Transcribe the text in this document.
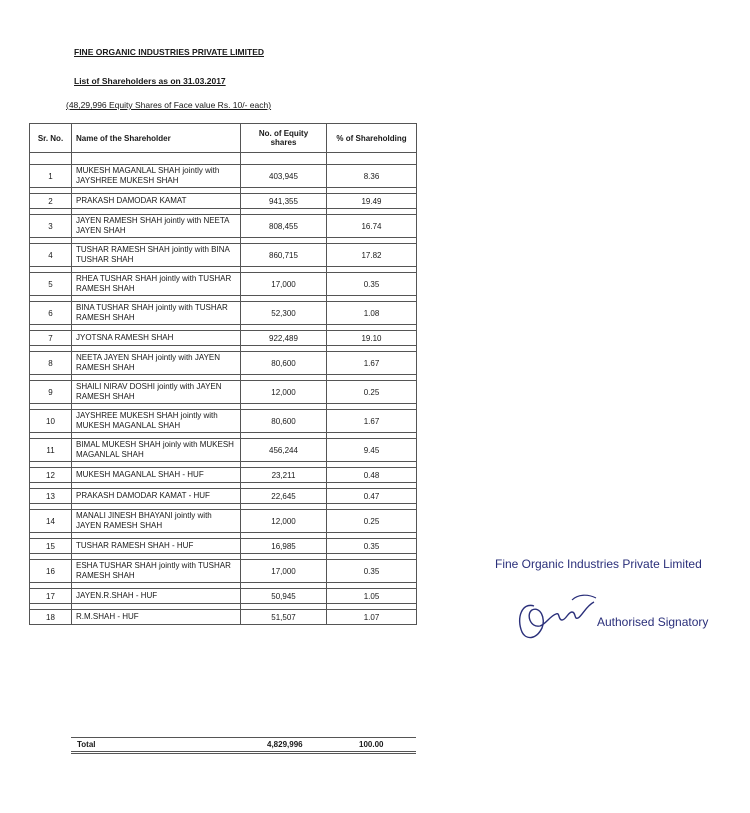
FINE ORGANIC INDUSTRIES PRIVATE LIMITED
List of Shareholders as on 31.03.2017
(48,29,996 Equity Shares of Face value Rs. 10/- each)
Sr. No.	Name of the Shareholder	No. of Equity shares	% of Shareholding

1	MUKESH MAGANLAL SHAH jointly with JAYSHREE MUKESH SHAH	403,945	8.36

2	PRAKASH DAMODAR KAMAT	941,355	19.49

3	JAYEN RAMESH SHAH jointly with NEETA JAYEN SHAH	808,455	16.74

4	TUSHAR RAMESH SHAH jointly with BINA TUSHAR SHAH	860,715	17.82

5	RHEA TUSHAR SHAH jointly with TUSHAR RAMESH SHAH	17,000	0.35

6	BINA TUSHAR SHAH jointly with TUSHAR RAMESH SHAH	52,300	1.08

7	JYOTSNA RAMESH SHAH	922,489	19.10

8	NEETA JAYEN SHAH jointly with JAYEN RAMESH SHAH	80,600	1.67

9	SHAILI NIRAV DOSHI jointly with JAYEN RAMESH SHAH	12,000	0.25

10	JAYSHREE MUKESH SHAH jointly with MUKESH MAGANLAL SHAH	80,600	1.67

11	BIMAL MUKESH SHAH joinly with MUKESH MAGANLAL SHAH	456,244	9.45

12	MUKESH MAGANLAL SHAH - HUF	23,211	0.48

13	PRAKASH DAMODAR KAMAT - HUF	22,645	0.47

14	MANALI JINESH BHAYANI jointly with JAYEN RAMESH SHAH	12,000	0.25

15	TUSHAR RAMESH SHAH - HUF	16,985	0.35

16	ESHA TUSHAR SHAH jointly with TUSHAR RAMESH SHAH	17,000	0.35

17	JAYEN.R.SHAH - HUF	50,945	1.05

18	R.M.SHAH - HUF	51,507	1.07
Total	4,829,996	100.00
Fine Organic Industries Private Limited
Authorised Signatory
